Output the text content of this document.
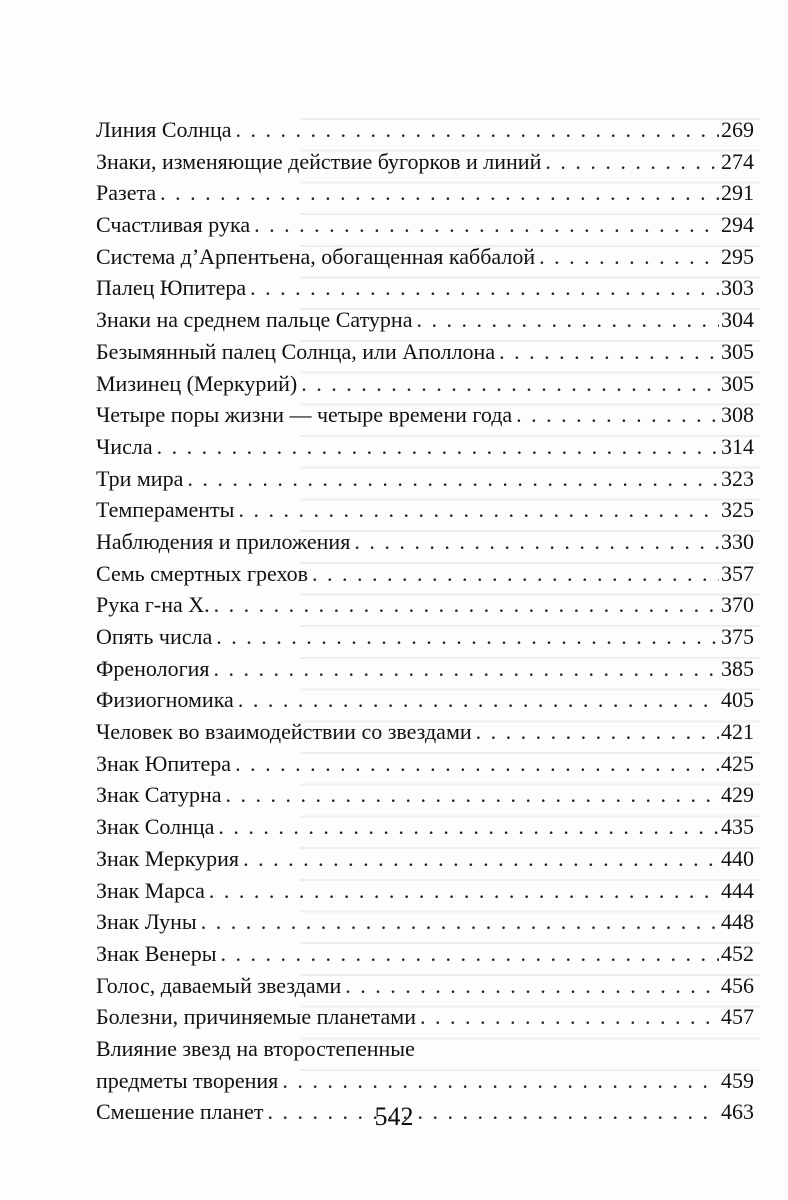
Линия Солнца . . .	269
Знаки, изменяющие действие бугорков и линий . . .	274
Разета . . .	291
Счастливая рука . . .	294
Система д’Арпентьена, обогащенная каббалой . . .	295
Палец Юпитера . . .	303
Знаки на среднем пальце Сатурна . . .	304
Безымянный палец Солнца, или Аполлона . . .	305
Мизинец (Меркурий) . . .	305
Четыре поры жизни — четыре времени года . . .	308
Числа . . .	314
Три мира . . .	323
Темпераменты . . .	325
Наблюдения и приложения . . .	330
Семь смертных грехов . . .	357
Рука г-на Х. . . .	370
Опять числа . . .	375
Френология . . .	385
Физиогномика . . .	405
Человек во взаимодействии со звездами . . .	421
Знак Юпитера . . .	425
Знак Сатурна . . .	429
Знак Солнца . . .	435
Знак Меркурия . . .	440
Знак Марса . . .	444
Знак Луны . . .	448
Знак Венеры . . .	452
Голос, даваемый звездами . . .	456
Болезни, причиняемые планетами . . .	457
Влияние звезд на второстепенные
предметы творения . . .	459
Смешение планет . . .	463
542
